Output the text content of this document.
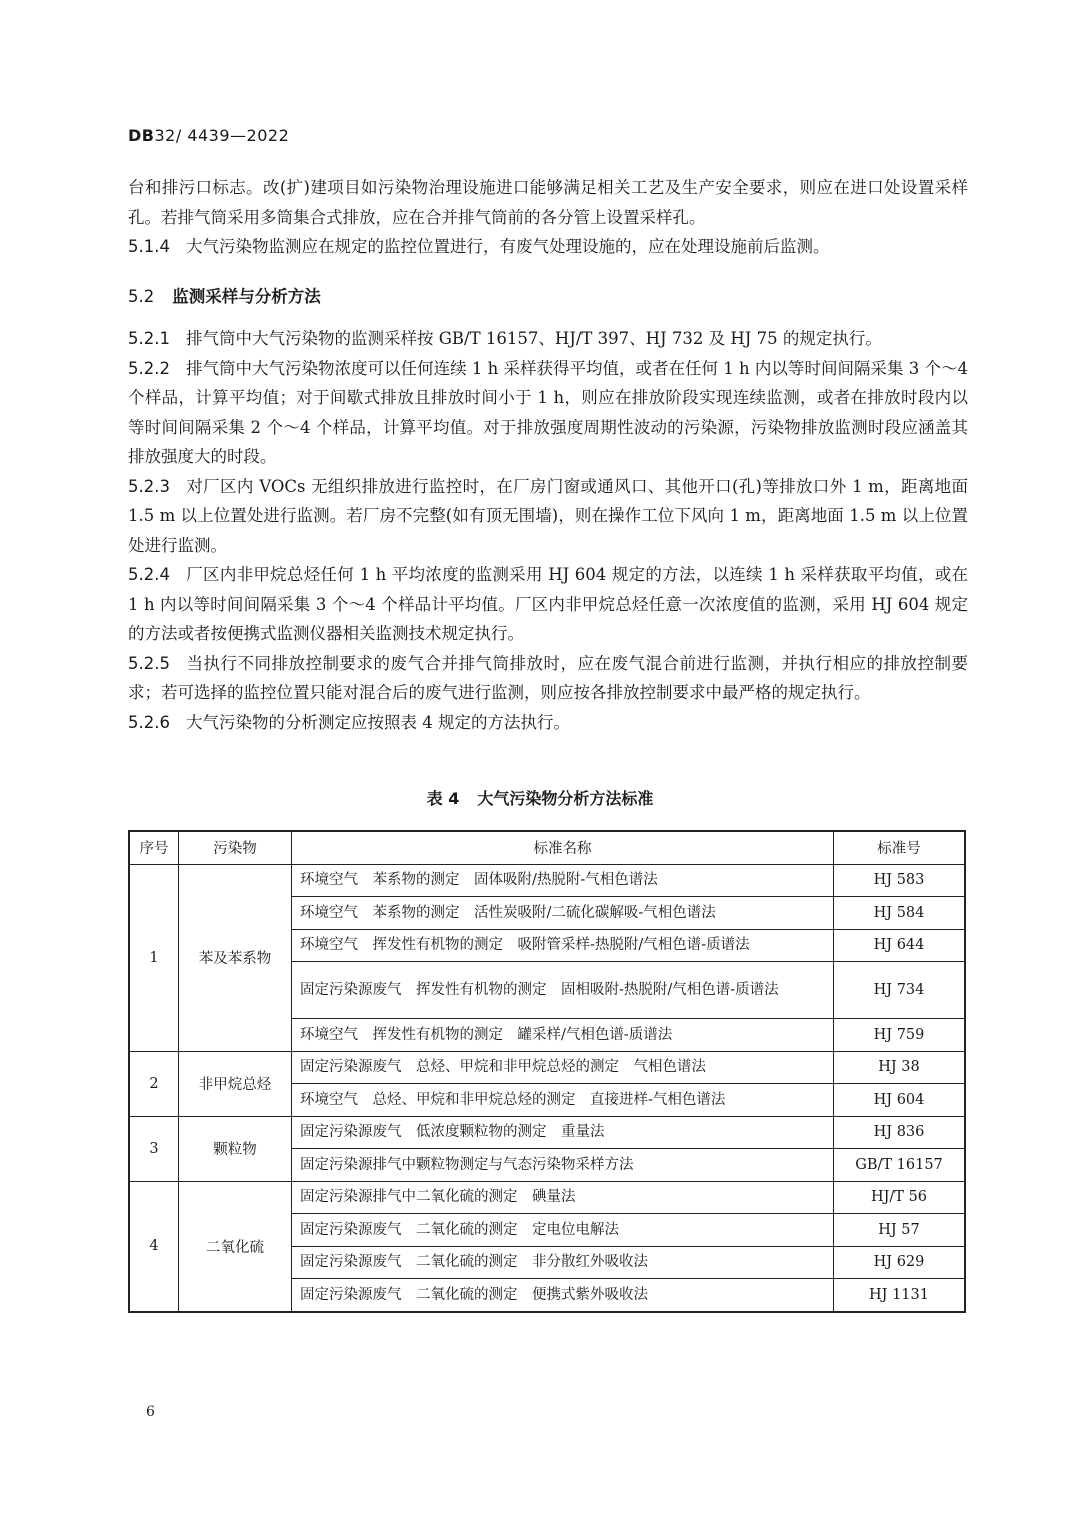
DB32/ 4439—2022

台和排污口标志。改(扩)建项目如污染物治理设施进口能够满足相关工艺及生产安全要求，则应在进口处设置采样孔。若排气筒采用多筒集合式排放，应在合并排气筒前的各分管上设置采样孔。

5.1.4 大气污染物监测应在规定的监控位置进行，有废气处理设施的，应在处理设施前后监测。

5.2 监测采样与分析方法

5.2.1 排气筒中大气污染物的监测采样按 GB/T 16157、HJ/T 397、HJ 732 及 HJ 75 的规定执行。

5.2.2 排气筒中大气污染物浓度可以任何连续 1 h 采样获得平均值，或者在任何 1 h 内以等时间间隔采集 3 个～4 个样品，计算平均值；对于间歇式排放且排放时间小于 1 h，则应在排放阶段实现连续监测，或者在排放时段内以等时间间隔采集 2 个～4 个样品，计算平均值。对于排放强度周期性波动的污染源，污染物排放监测时段应涵盖其排放强度大的时段。

5.2.3 对厂区内 VOCs 无组织排放进行监控时，在厂房门窗或通风口、其他开口(孔)等排放口外 1 m，距离地面 1.5 m 以上位置处进行监测。若厂房不完整(如有顶无围墙)，则在操作工位下风向 1 m，距离地面 1.5 m 以上位置处进行监测。

5.2.4 厂区内非甲烷总烃任何 1 h 平均浓度的监测采用 HJ 604 规定的方法，以连续 1 h 采样获取平均值，或在 1 h 内以等时间间隔采集 3 个～4 个样品计平均值。厂区内非甲烷总烃任意一次浓度值的监测，采用 HJ 604 规定的方法或者按便携式监测仪器相关监测技术规定执行。

5.2.5 当执行不同排放控制要求的废气合并排气筒排放时，应在废气混合前进行监测，并执行相应的排放控制要求；若可选择的监控位置只能对混合后的废气进行监测，则应按各排放控制要求中最严格的规定执行。

5.2.6 大气污染物的分析测定应按照表 4 规定的方法执行。

表 4 大气污染物分析方法标准
序号	污染物	标准名称	标准号
1	苯及苯系物	环境空气　苯系物的测定　固体吸附/热脱附-气相色谱法	HJ 583
		环境空气　苯系物的测定　活性炭吸附/二硫化碳解吸-气相色谱法	HJ 584
		环境空气　挥发性有机物的测定　吸附管采样-热脱附/气相色谱-质谱法	HJ 644
		固定污染源废气　挥发性有机物的测定　固相吸附-热脱附/气相色谱-质谱法	HJ 734
		环境空气　挥发性有机物的测定　罐采样/气相色谱-质谱法	HJ 759
2	非甲烷总烃	固定污染源废气　总烃、甲烷和非甲烷总烃的测定　气相色谱法	HJ 38
		环境空气　总烃、甲烷和非甲烷总烃的测定　直接进样-气相色谱法	HJ 604
3	颗粒物	固定污染源废气　低浓度颗粒物的测定　重量法	HJ 836
		固定污染源排气中颗粒物测定与气态污染物采样方法	GB/T 16157
4	二氧化硫	固定污染源排气中二氧化硫的测定　碘量法	HJ/T 56
		固定污染源废气　二氧化硫的测定　定电位电解法	HJ 57
		固定污染源废气　二氧化硫的测定　非分散红外吸收法	HJ 629
		固定污染源废气　二氧化硫的测定　便携式紫外吸收法	HJ 1131
6
